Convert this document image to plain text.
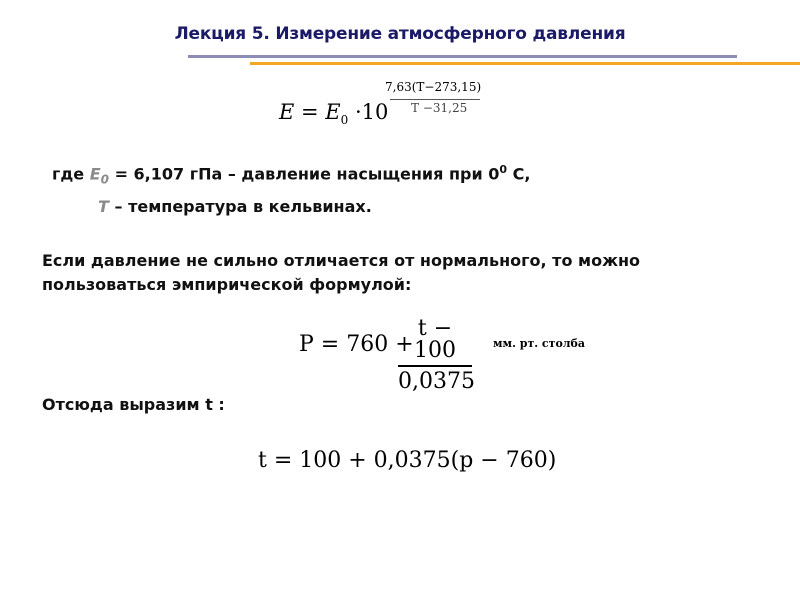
Лекция 5. Измерение атмосферного давления
$E = E_0 \cdot 10$
7,63(T−273,15)
T −31,25
где $E_0 = 6,107$ гПа – давление насыщения при $0^0$ С,
T – температура в кельвинах.
Если давление не сильно отличается от нормального, то можно
пользоваться эмпирической формулой:
P = 760 +
t − 100
0,0375
мм. рт. столба
Отсюда выразим t :
t = 100 + 0,0375(p − 760)
